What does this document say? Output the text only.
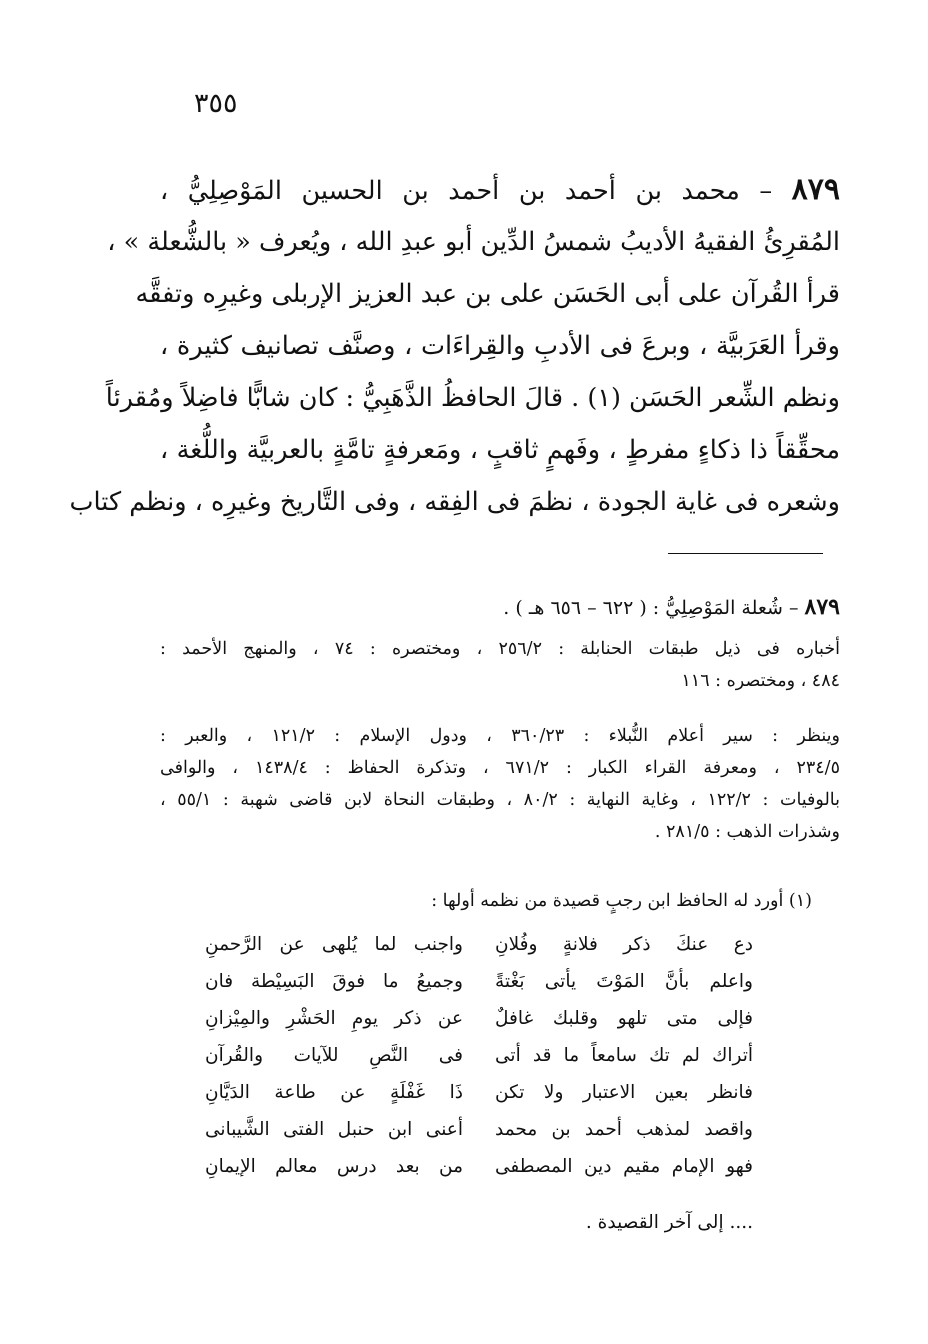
٣٥٥
٨٧٩ – محمد بن أحمد بن أحمد بن الحسين المَوْصِلِيُّ ،
المُقرِئُ الفقيهُ الأديبُ شمسُ الدِّين أبو عبدِ الله ، ويُعرف « بالشُّعلة » ،
قرأ القُرآن على أبى الحَسَن على بن عبد العزيز الإربلى وغيرِه وتفقَّه
وقرأ العَرَبيَّة ، وبرعَ فى الأدبِ والقِراءَات ، وصنَّف تصانيف كثيرة ،
ونظم الشِّعر الحَسَن (١) . قالَ الحافظُ الذَّهَبِيُّ : كان شابًّا فاضِلاً ومُقرئاً
محقِّقاً ذا ذكاءٍ مفرطٍ ، وفَهمٍ ثاقبٍ ، ومَعرفةٍ تامَّةٍ بالعربيَّة واللُّغة ،
وشعره فى غاية الجودة ، نظمَ فى الفِقه ، وفى التَّاريخ وغيرِه ، ونظم كتاب
٨٧٩ – شُعلة المَوْصِلِيُّ : ( ٦٢٢ – ٦٥٦ هـ ) .
أخباره فى ذيل طبقات الحنابلة : ٢٥٦/٢ ، ومختصره : ٧٤ ، والمنهج الأحمد :
٤٨٤ ، ومختصره : ١١٦
وينظر : سير أعلام النُّبلاء : ٣٦٠/٢٣ ، ودول الإسلام : ١٢١/٢ ، والعبر :
٢٣٤/٥ ، ومعرفة القراء الكبار : ٦٧١/٢ ، وتذكرة الحفاظ : ١٤٣٨/٤ ، والوافى
بالوفيات : ١٢٢/٢ ، وغاية النهاية : ٨٠/٢ ، وطبقات النحاة لابن قاضى شهبة : ٥٥/١ ،
وشذرات الذهب : ٢٨١/٥ .
(١) أورد له الحافظ ابن رجبٍ قصيدة من نظمه أولها :
دع عنكَ ذكر فلانةٍ وفُلانِ
واجنب لما يُلهى عن الرَّحمنِ
واعلم بأنَّ المَوْتَ يأتى بَغْتةً
وجميعُ ما فوقَ البَسِيْطة فان
فإلى متى تلهو وقلبك غافلٌ
عن ذكر يومِ الحَشْرِ والمِيْزانِ
أتراك لم تك سامعاً ما قد أتى
فى النَّصِ للآيات والقُرآن
فانظر بعين الاعتبار ولا تكن
ذَا غَفْلَةٍ عن طاعة الدَيَّانِ
واقصد لمذهب أحمد بن محمد
أعنى ابن حنبل الفتى الشَّيبانى
فهو الإمام مقيم دين المصطفى
من بعد درس معالم الإيمانِ
.... إلى آخر القصيدة .
